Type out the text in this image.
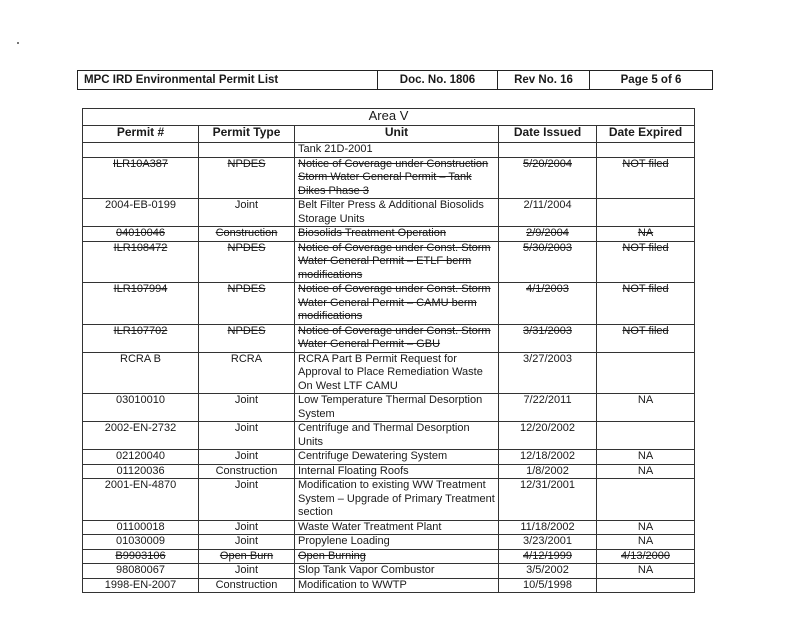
MPC IRD Environmental Permit List	Doc. No. 1806	Rev No. 16	Page 5 of 6
Area V				
Permit #	Permit Type	Unit	Date Issued	Date Expired
		Tank 21D-2001		
ILR10A387	NPDES	Notice of Coverage under Construction Storm Water General Permit – Tank Dikes Phase 3	5/20/2004	NOT filed
2004-EB-0199	Joint	Belt Filter Press & Additional Biosolids Storage Units	2/11/2004	
04010046	Construction	Biosolids Treatment Operation	2/9/2004	NA
ILR108472	NPDES	Notice of Coverage under Const. Storm Water General Permit – ETLF berm modifications	5/30/2003	NOT filed
ILR107994	NPDES	Notice of Coverage under Const. Storm Water General Permit – CAMU berm modifications	4/1/2003	NOT filed
ILR107702	NPDES	Notice of Coverage under Const. Storm Water General Permit – GBU	3/31/2003	NOT filed
RCRA B	RCRA	RCRA Part B Permit Request for Approval to Place Remediation Waste On West LTF CAMU	3/27/2003	
03010010	Joint	Low Temperature Thermal Desorption System	7/22/2011	NA
2002-EN-2732	Joint	Centrifuge and Thermal Desorption Units	12/20/2002	
02120040	Joint	Centrifuge Dewatering System	12/18/2002	NA
01120036	Construction	Internal Floating Roofs	1/8/2002	NA
2001-EN-4870	Joint	Modification to existing WW Treatment System – Upgrade of Primary Treatment section	12/31/2001	
01100018	Joint	Waste Water Treatment Plant	11/18/2002	NA
01030009	Joint	Propylene Loading	3/23/2001	NA
B9903106	Open Burn	Open Burning	4/12/1999	4/13/2000
98080067	Joint	Slop Tank Vapor Combustor	3/5/2002	NA
1998-EN-2007	Construction	Modification to WWTP	10/5/1998	
